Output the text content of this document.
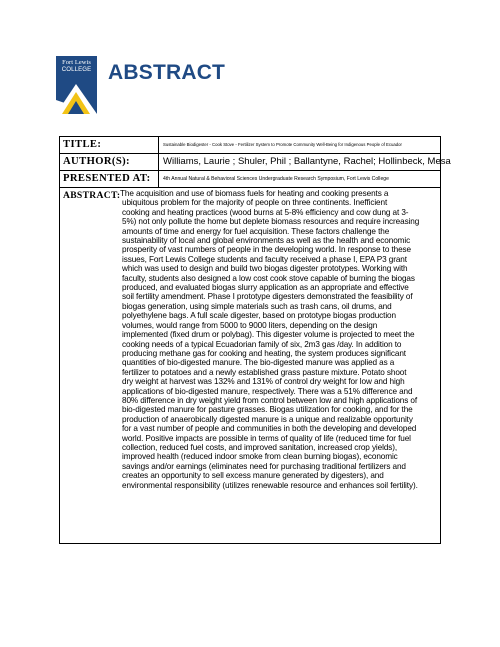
Fort Lewis
COLLEGE ABSTRACT
TITLE:	Sustainable Biodigester - Cook Stove - Fertilizer System to Promote Community Well-Being for Indigenous People of Ecuador
AUTHOR(S):	Williams, Laurie ; Shuler, Phil ; Ballantyne, Rachel; Hollinbeck, Mesa
PRESENTED AT: 4th Annual Natural & Behavioral Sciences Undergraduate Research Symposium, Fort Lewis College
ABSTRACT: The acquisition and use of biomass fuels for heating and cooking presents a
ubiquitous problem for the majority of people on three continents. Inefficient
cooking and heating practices (wood burns at 5-8% efficiency and cow dung at 3-
5%) not only pollute the home but deplete biomass resources and require increasing
amounts of time and energy for fuel acquisition. These factors challenge the
sustainability of local and global environments as well as the health and economic
prosperity of vast numbers of people in the developing world. In response to these
issues, Fort Lewis College students and faculty received a phase I, EPA P3 grant
which was used to design and build two biogas digester prototypes. Working with
faculty, students also designed a low cost cook stove capable of burning the biogas
produced, and evaluated biogas slurry application as an appropriate and effective
soil fertility amendment. Phase I prototype digesters demonstrated the feasibility of
biogas generation, using simple materials such as trash cans, oil drums, and
polyethylene bags. A full scale digester, based on prototype biogas production
volumes, would range from 5000 to 9000 liters, depending on the design
implemented (fixed drum or polybag). This digester volume is projected to meet the
cooking needs of a typical Ecuadorian family of six, 2m3 gas /day. In addition to
producing methane gas for cooking and heating, the system produces significant
quantities of bio-digested manure. The bio-digested manure was applied as a
fertilizer to potatoes and a newly established grass pasture mixture. Potato shoot
dry weight at harvest was 132% and 131% of control dry weight for low and high
applications of bio-digested manure, respectively. There was a 51% difference and
80% difference in dry weight yield from control between low and high applications of
bio-digested manure for pasture grasses. Biogas utilization for cooking, and for the
production of anaerobically digested manure is a unique and realizable opportunity
for a vast number of people and communities in both the developing and developed
world. Positive impacts are possible in terms of quality of life (reduced time for fuel
collection, reduced fuel costs, and improved sanitation, increased crop yields),
improved health (reduced indoor smoke from clean burning biogas), economic
savings and/or earnings (eliminates need for purchasing traditional fertilizers and
creates an opportunity to sell excess manure generated by digesters), and
environmental responsibility (utilizes renewable resource and enhances soil fertility).
